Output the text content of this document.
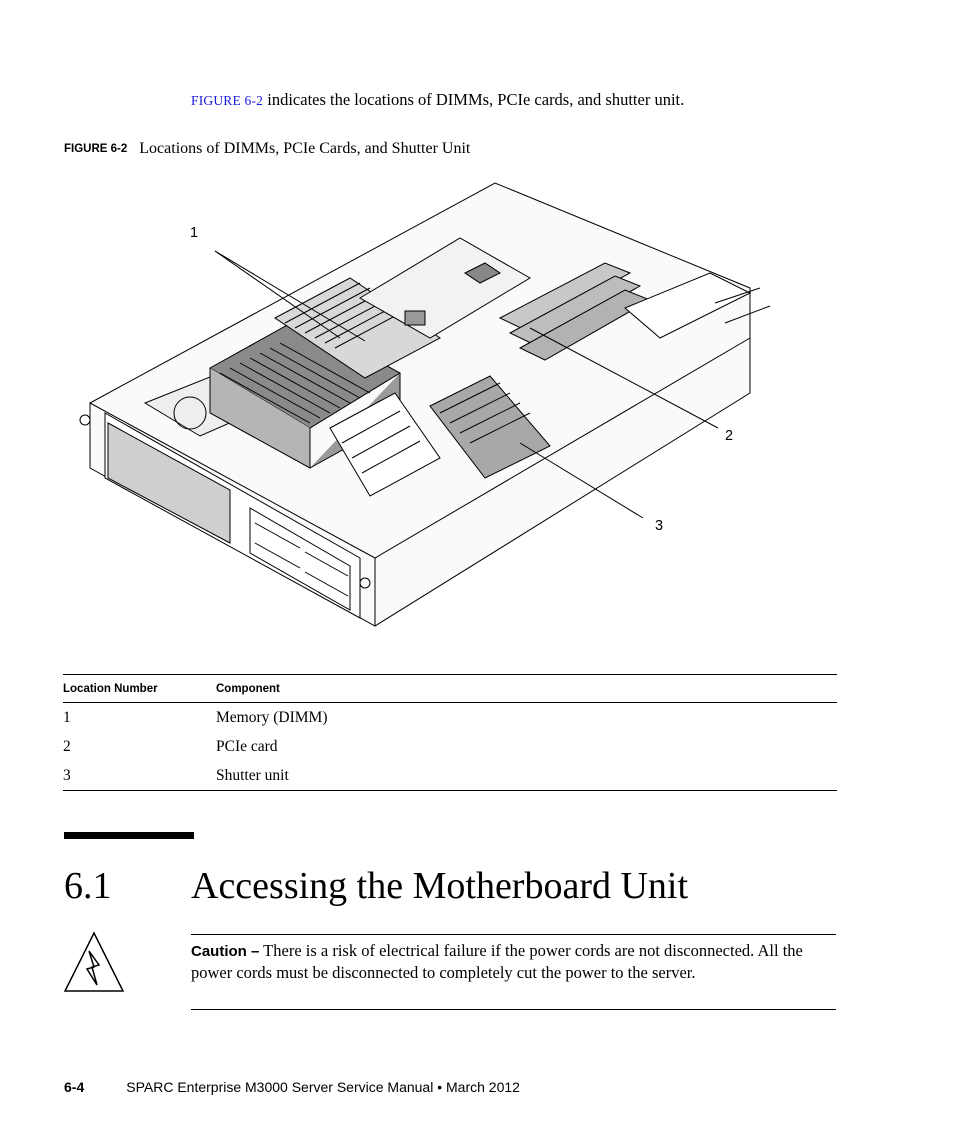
FIGURE 6-2 indicates the locations of DIMMs, PCIe cards, and shutter unit.
FIGURE 6-2 Locations of DIMMs, PCIe Cards, and Shutter Unit
1
2
3
Location Number	Component
1	Memory (DIMM)
2	PCIe card
3	Shutter unit
6.1 Accessing the Motherboard Unit
Caution – There is a risk of electrical failure if the power cords are not disconnected. All the power cords must be disconnected to completely cut the power to the server.
6-4	SPARC Enterprise M3000 Server Service Manual • March 2012
